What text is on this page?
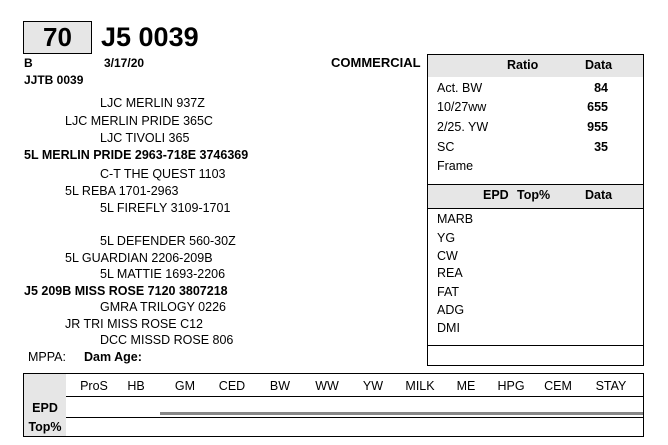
70	J5 0039
B	3/17/20	COMMERCIAL
JJTB 0039
LJC MERLIN 937Z
LJC MERLIN PRIDE 365C
LJC TIVOLI 365
5L MERLIN PRIDE 2963-718E 3746369
C-T THE QUEST 1103
5L REBA 1701-2963
5L FIREFLY 3109-1701
5L DEFENDER 560-30Z
5L GUARDIAN 2206-209B
5L MATTIE 1693-2206
J5 209B MISS ROSE 7120 3807218
GMRA TRILOGY 0226
JR TRI MISS ROSE C12
DCC MISSD ROSE 806
MPPA: Dam Age:
Ratio	Data
Act. BW	84
10/27ww	655
2/25. YW	955
SC	35
Frame
EPD Top%	Data
MARB
YG
CW
REA
FAT
ADG
DMI
ProS	HB	GM	CED	BW	WW	YW	MILK	ME	HPG	CEM	STAY
EPD
Top%
